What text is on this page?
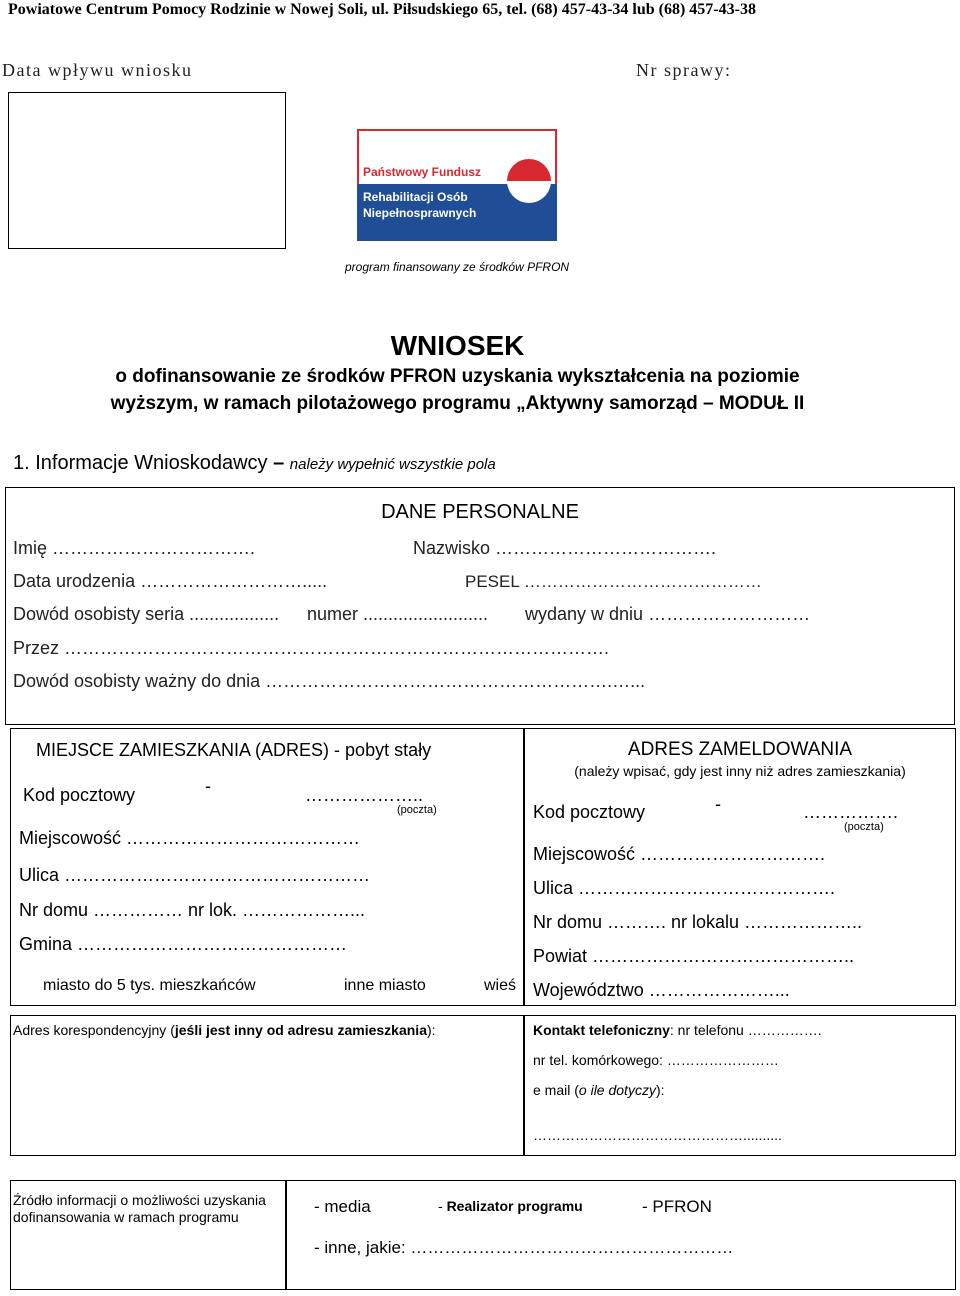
Powiatowe Centrum Pomocy Rodzinie w Nowej Soli, ul. Piłsudskiego 65, tel. (68) 457-43-34 lub (68) 457-43-38
Data wpływu wniosku	Nr sprawy:
Państwowy Fundusz
Rehabilitacji Osób
Niepełnosprawnych
program finansowany ze środków PFRON
WNIOSEK
o dofinansowanie ze środków PFRON uzyskania wykształcenia na poziomie
wyższym, w ramach pilotażowego programu „Aktywny samorząd – MODUŁ II
1. Informacje Wnioskodawcy – należy wypełnić wszystkie pola
DANE PERSONALNE
Imię …………………………….	Nazwisko ……………………………….
Data urodzenia ……………………….....	PESEL ……………………………………
Dowód osobisty seria .................. numer ......................... wydany w dniu ………………………
Przez ……………………………………………………………………………….
Dowód osobisty ważny do dnia ………………………………………………….…...
MIEJSCE ZAMIESZKANIA (ADRES) - pobyt stały
Kod pocztowy	-	………………..
(poczta)
Miejscowość …………………………………
Ulica ……………………………………………
Nr domu …………… nr lok. ………………...
Gmina ………………………………………
miasto do 5 tys. mieszkańców	inne miasto	wieś
ADRES ZAMELDOWANIA
(należy wpisać, gdy jest inny niż adres zamieszkania)
Kod pocztowy	-	…………….
(poczta)
Miejscowość ………………………….
Ulica …………………………………….
Nr domu ………. nr lokalu ………………..
Powiat ……………………………………..
Województwo …………………...
Adres korespondencyjny (jeśli jest inny od adresu zamieszkania):	Kontakt telefoniczny: nr telefonu …………….
nr tel. komórkowego: ……………………
e mail (o ile dotyczy):
………………………………………..........
Źródło informacji o możliwości uzyskania dofinansowania w ramach programu
- media	- Realizator programu	- PFRON
- inne, jakie: …………………………………………………
